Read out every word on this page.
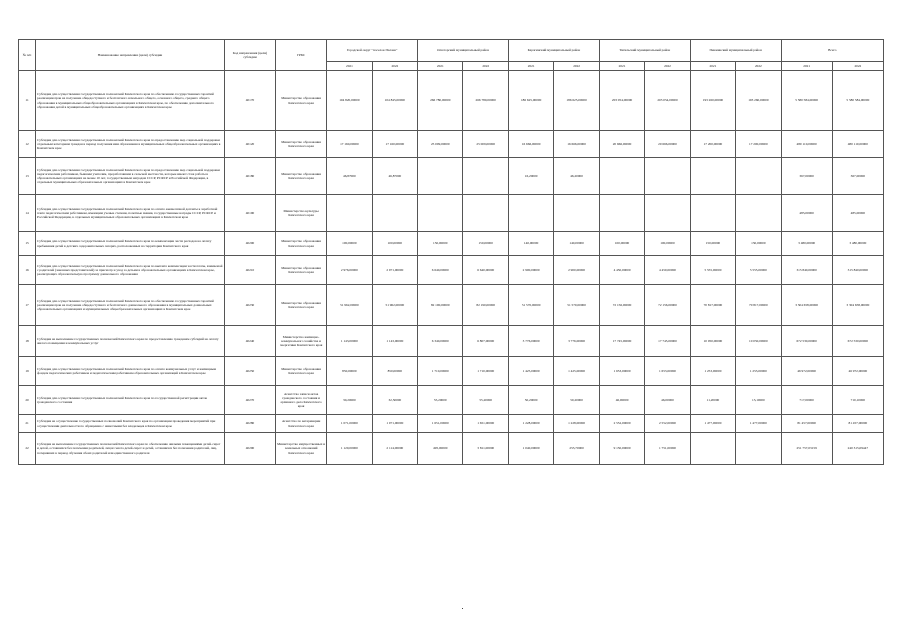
№ п/п	Наименование направления (цели) субсидии	Код направления (цели) субсидии	ГРБС	Городской округ "поселок Палана"		Олюторский муниципальный район		Карагинский муниципальный район		Тигильский муниципальный район		Пенжинский муниципальный район		Всего	
				2021	2022	2021	2022	2021	2022	2021	2022	2021	2022	2021	2022
11	Субсидия для осуществления государственных полномочий Камчатского края по обеспечению государственных гарантий реализации прав на получение общедоступного и бесплатного начального общего, основного общего, среднего общего образования в муниципальных общеобразовательных организациях в Камчатском крае, по обеспечению дополнительного образования детей в муниципальных общеобразовательных организациях в Камчатском крае	40170	Министерство образования Камчатского края	104 820,00000	104 845,00000	266 780,00000	266 780,00000	186 625,00000	186 625,00000	203 054,00000	203 054,00000	193 260,00000	193 260,00000	5 580 584,00000	5 580 584,00000
12	Субсидия для осуществления государственных полномочий Камчатского края по предоставлению мер социальной поддержки отдельным категориям граждан в период получения ими образования в муниципальных общеобразовательных организациях в Камчатском крае	40120	Министерство образования Камчатского края	17 160,00000	17 160,00000	25 009,00000	25 009,00000	16 666,00000	16 666,00000	20 666,00000	20 666,00000	17 200,00000	17 200,00000	480 110,00000	480 110,00000
13	Субсидия для осуществления государственных полномочий Камчатского края по предоставлению мер социальной поддержки педагогическим работникам, бывшим учителям, проработавшим в сельской местности, которые имеют стаж работы в образовательных организациях не менее 10 лет, государственным наградам СССР, РСФСР и Российской Федерации, в отдельных муниципальных образовательных организациях в Камчатском крае	40180	Министерство образования Камчатского края	46,87000	46,87000			16,20000	46,20000					367,00000	367,00000
14	Субсидия для осуществления государственных полномочий Камчатского края по оплате ежемесячной доплаты к заработной плате педагогическим работникам, имеющим ученые степени, почетные звания, государственные награды СССР, РСФСР и Российской Федерации, в отдельных муниципальных образовательных организациях в Камчатском крае	40190	Министерство культуры Камчатского края											485,00000	485,00000
15	Субсидия для осуществления государственных полномочий Камчатского края по компенсации части расходов на оплату пребывания детей в детских оздоровительных лагерях, расположенных на территории Камчатского края	40200	Министерство образования Камчатского края	100,00000	100,00000	150,00000	150,00000	140,00000	140,00000	100,00000	100,00000	150,00000	150,00000	3 480,00000	3 480,00000
16	Субсидия для осуществления государственных полномочий Камчатского края по выплате компенсации части платы, взимаемой с родителей (законных представителей) за присмотр и уход за детьми в образовательных организациях в Камчатском крае, реализующих образовательную программу дошкольного образования	40210	Министерство образования Камчатского края	2 976,00000	2 971,00000	6 640,00000	6 640,00000	2 900,00000	2 900,00000	4 450,00000	4 450,00000	5 555,00000	5 555,00000	315 840,00000	315 840,00000
17	Субсидия для осуществления государственных полномочий Камчатского края по обеспечению государственных гарантий реализации прав на получение общедоступного и бесплатного дошкольного образования в муниципальных дошкольных образовательных организациях и муниципальных общеобразовательных организациях в Камчатском крае	40230	Министерство образования Камчатского края	51 962,00000	51 962,00000	82 190,00000	82 190,00000	51 570,00000	51 570,00000	72 156,00000	72 156,00000	70 817,00000	70 817,00000	3 304 658,00000	3 304 658,00000
18	Субсидия на выполнение государственных полномочий Камчатского края по предоставлению гражданам субсидий на оплату жилого помещения и коммунальных услуг	40240	Министерство жилищно-коммунального хозяйства и энергетики Камчатского края	1 143,00000	1 143,00000	6 340,00000	6 807,00000	3 776,00000	3 776,00000	17 745,00000	17 745,00000	10 050,00000	10 050,00000	672 530,00000	672 530,00000
19	Субсидия для осуществления государственных полномочий Камчатского края по оплате коммунальных услуг и жилищным фондом педагогических работников и педагогическим работникам образовательных организаций в Камчатском крае	40250	Министерство образования Камчатского края	850,00000	850,00000	1 710,00000	1 710,00000	1 425,00000	1 425,00000	1 653,00000	1 653,00000	1 253,00000	1 253,00000	46 972,00000	46 972,00000
20	Субсидия для осуществления государственных полномочий Камчатского края по государственной регистрации актов гражданского состояния	40270	Агентство записи актов гражданского состояния и архивного дела Камчатского края	30,20000	32,50000	55,20000	55,20000	50,20000	50,20000	46,00000	46,00000	11,20000	13,10000	717,00000	710,10000
21	Субсидия на осуществление государственных полномочий Камчатского края по организации проведения мероприятий при осуществлении деятельности по обращению с животными без владельцев в Камчатском крае	40280	Агентство по ветеринарии Камчатского края	1 071,00000	1 071,00000	1 651,00000	1 651,00000	1 228,00000	1 228,00000	2 552,00000	2 552,00000	1 477,00000	1 477,00000	81 457,00000	81 457,00000
22	Субсидия на выполнение государственных полномочий Камчатского края по обеспечению жилыми помещениями детей-сирот и детей, оставшихся без попечения родителей, лиц из числа детей-сирот и детей, оставшихся без попечения родителей, лиц, потерявших в период обучения обоих родителей или единственного родителя	40290	Министерство имущественных и земельных отношений Камчатского края	1 120,00000	2 114,00000	495,00000	3 811,00000	1 040,00000	253,70000	9 150,00000	1 751,00000			251 757,03159	240 315,09447
